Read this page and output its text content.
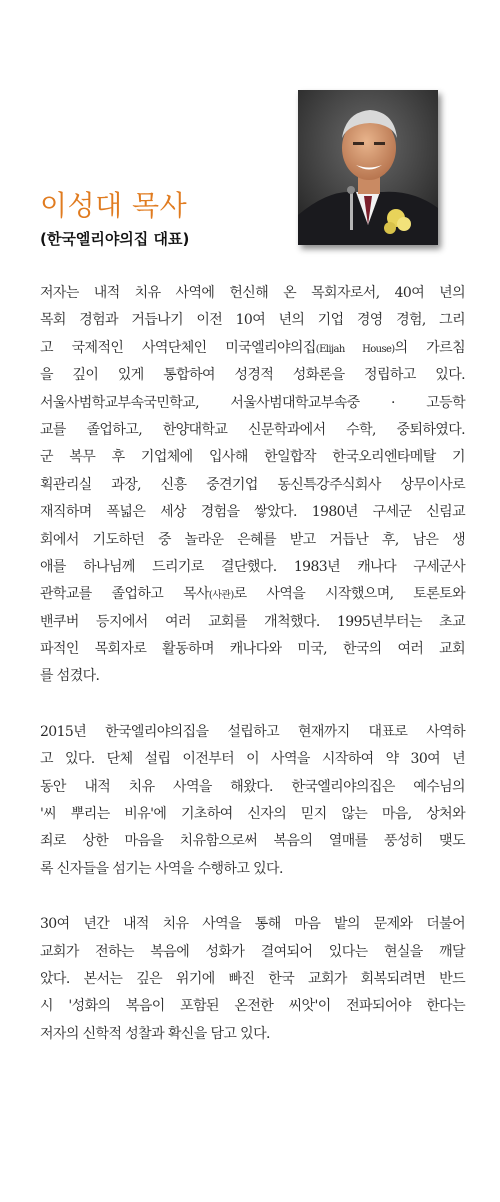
이성대 목사
(한국엘리야의집 대표)
저자는 내적 치유 사역에 헌신해 온 목회자로서, 40여 년의
목회 경험과 거듭나기 이전 10여 년의 기업 경영 경험, 그리
고 국제적인 사역단체인 미국엘리야의집(Elijah House)의 가르침
을 깊이 있게 통합하여 성경적 성화론을 정립하고 있다.
서울사범학교부속국민학교, 서울사범대학교부속중 · 고등학
교를 졸업하고, 한양대학교 신문학과에서 수학, 중퇴하였다.
군 복무 후 기업체에 입사해 한일합작 한국오리엔타메탈 기
획관리실 과장, 신흥 중견기업 동신특강주식회사 상무이사로
재직하며 폭넓은 세상 경험을 쌓았다. 1980년 구세군 신림교
회에서 기도하던 중 놀라운 은혜를 받고 거듭난 후, 남은 생
애를 하나님께 드리기로 결단했다. 1983년 캐나다 구세군사
관학교를 졸업하고 목사(사관)로 사역을 시작했으며, 토론토와
밴쿠버 등지에서 여러 교회를 개척했다. 1995년부터는 초교
파적인 목회자로 활동하며 캐나다와 미국, 한국의 여러 교회
를 섬겼다.
2015년 한국엘리야의집을 설립하고 현재까지 대표로 사역하
고 있다. 단체 설립 이전부터 이 사역을 시작하여 약 30여 년
동안 내적 치유 사역을 해왔다. 한국엘리야의집은 예수님의
'씨 뿌리는 비유'에 기초하여 신자의 믿지 않는 마음, 상처와
죄로 상한 마음을 치유함으로써 복음의 열매를 풍성히 맺도
록 신자들을 섬기는 사역을 수행하고 있다.
30여 년간 내적 치유 사역을 통해 마음 밭의 문제와 더불어
교회가 전하는 복음에 성화가 결여되어 있다는 현실을 깨달
았다. 본서는 깊은 위기에 빠진 한국 교회가 회복되려면 반드
시 '성화의 복음이 포함된 온전한 씨앗'이 전파되어야 한다는
저자의 신학적 성찰과 확신을 담고 있다.
